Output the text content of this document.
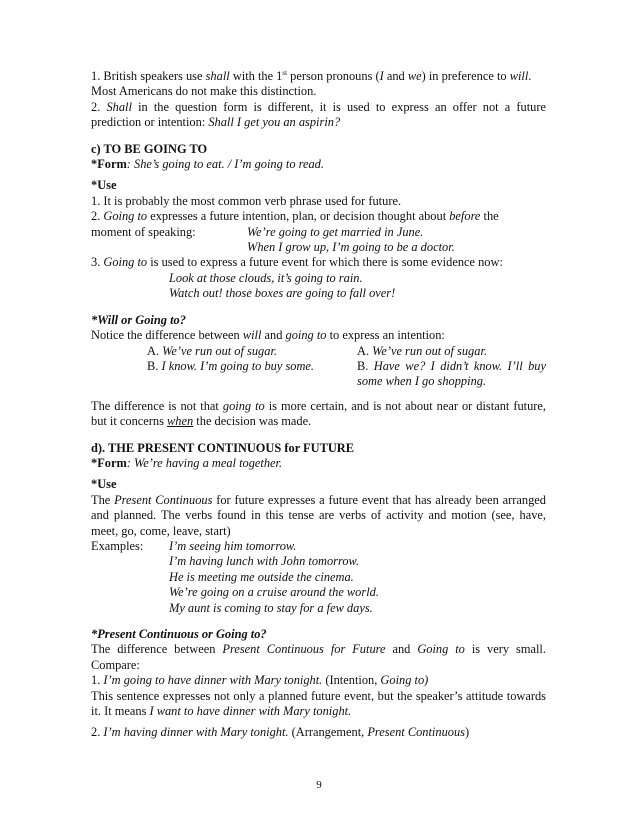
1. British speakers use shall with the 1st person pronouns (I and we) in preference to will.

Most Americans do not make this distinction.

2. Shall in the question form is different, it is used to express an offer not a future prediction or intention: Shall I get you an aspirin?

c) TO BE GOING TO

*Form: She’s going to eat. / I’m going to read.

*Use

1. It is probably the most common verb phrase used for future.

2. Going to expresses a future intention, plan, or decision thought about before the

moment of speaking:	We’re going to get married in June.

When I grow up, I’m going to be a doctor.

3. Going to is used to express a future event for which there is some evidence now:

Look at those clouds, it’s going to rain.

Watch out! those boxes are going to fall over!

*Will or Going to?

Notice the difference between will and going to to express an intention:

A. We’ve run out of sugar.	A. We’ve run out of sugar.
B. I know. I’m going to buy some.	B. Have we? I didn’t know. I’ll buy some when I go shopping.

The difference is not that going to is more certain, and is not about near or distant future, but it concerns when the decision was made.

d). THE PRESENT CONTINUOUS for FUTURE

*Form: We’re having a meal together.

*Use

The Present Continuous for future expresses a future event that has already been arranged and planned. The verbs found in this tense are verbs of activity and motion (see, have, meet, go, come, leave, start)

Examples:	I’m seeing him tomorrow.

I’m having lunch with John tomorrow.

He is meeting me outside the cinema.

We’re going on a cruise around the world.

My aunt is coming to stay for a few days.

*Present Continuous or Going to?

The difference between Present Continuous for Future and Going to is very small. Compare:

1. I’m going to have dinner with Mary tonight. (Intention, Going to)

This sentence expresses not only a planned future event, but the speaker’s attitude towards it. It means I want to have dinner with Mary tonight.

2. I’m having dinner with Mary tonight. (Arrangement, Present Continuous)

9
